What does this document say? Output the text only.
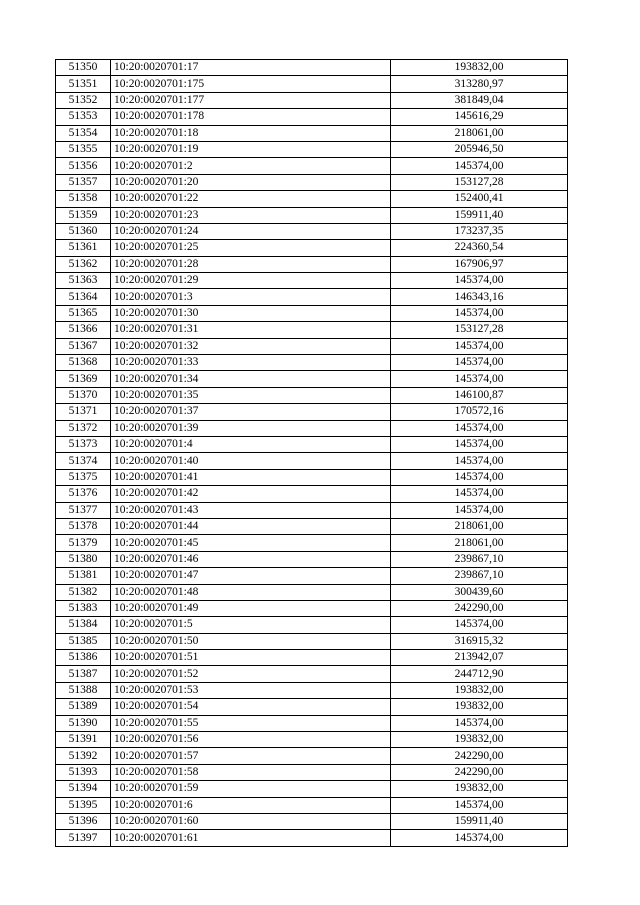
51350	10:20:0020701:17	193832,00
51351	10:20:0020701:175	313280,97
51352	10:20:0020701:177	381849,04
51353	10:20:0020701:178	145616,29
51354	10:20:0020701:18	218061,00
51355	10:20:0020701:19	205946,50
51356	10:20:0020701:2	145374,00
51357	10:20:0020701:20	153127,28
51358	10:20:0020701:22	152400,41
51359	10:20:0020701:23	159911,40
51360	10:20:0020701:24	173237,35
51361	10:20:0020701:25	224360,54
51362	10:20:0020701:28	167906,97
51363	10:20:0020701:29	145374,00
51364	10:20:0020701:3	146343,16
51365	10:20:0020701:30	145374,00
51366	10:20:0020701:31	153127,28
51367	10:20:0020701:32	145374,00
51368	10:20:0020701:33	145374,00
51369	10:20:0020701:34	145374,00
51370	10:20:0020701:35	146100,87
51371	10:20:0020701:37	170572,16
51372	10:20:0020701:39	145374,00
51373	10:20:0020701:4	145374,00
51374	10:20:0020701:40	145374,00
51375	10:20:0020701:41	145374,00
51376	10:20:0020701:42	145374,00
51377	10:20:0020701:43	145374,00
51378	10:20:0020701:44	218061,00
51379	10:20:0020701:45	218061,00
51380	10:20:0020701:46	239867,10
51381	10:20:0020701:47	239867,10
51382	10:20:0020701:48	300439,60
51383	10:20:0020701:49	242290,00
51384	10:20:0020701:5	145374,00
51385	10:20:0020701:50	316915,32
51386	10:20:0020701:51	213942,07
51387	10:20:0020701:52	244712,90
51388	10:20:0020701:53	193832,00
51389	10:20:0020701:54	193832,00
51390	10:20:0020701:55	145374,00
51391	10:20:0020701:56	193832,00
51392	10:20:0020701:57	242290,00
51393	10:20:0020701:58	242290,00
51394	10:20:0020701:59	193832,00
51395	10:20:0020701:6	145374,00
51396	10:20:0020701:60	159911,40
51397	10:20:0020701:61	145374,00
